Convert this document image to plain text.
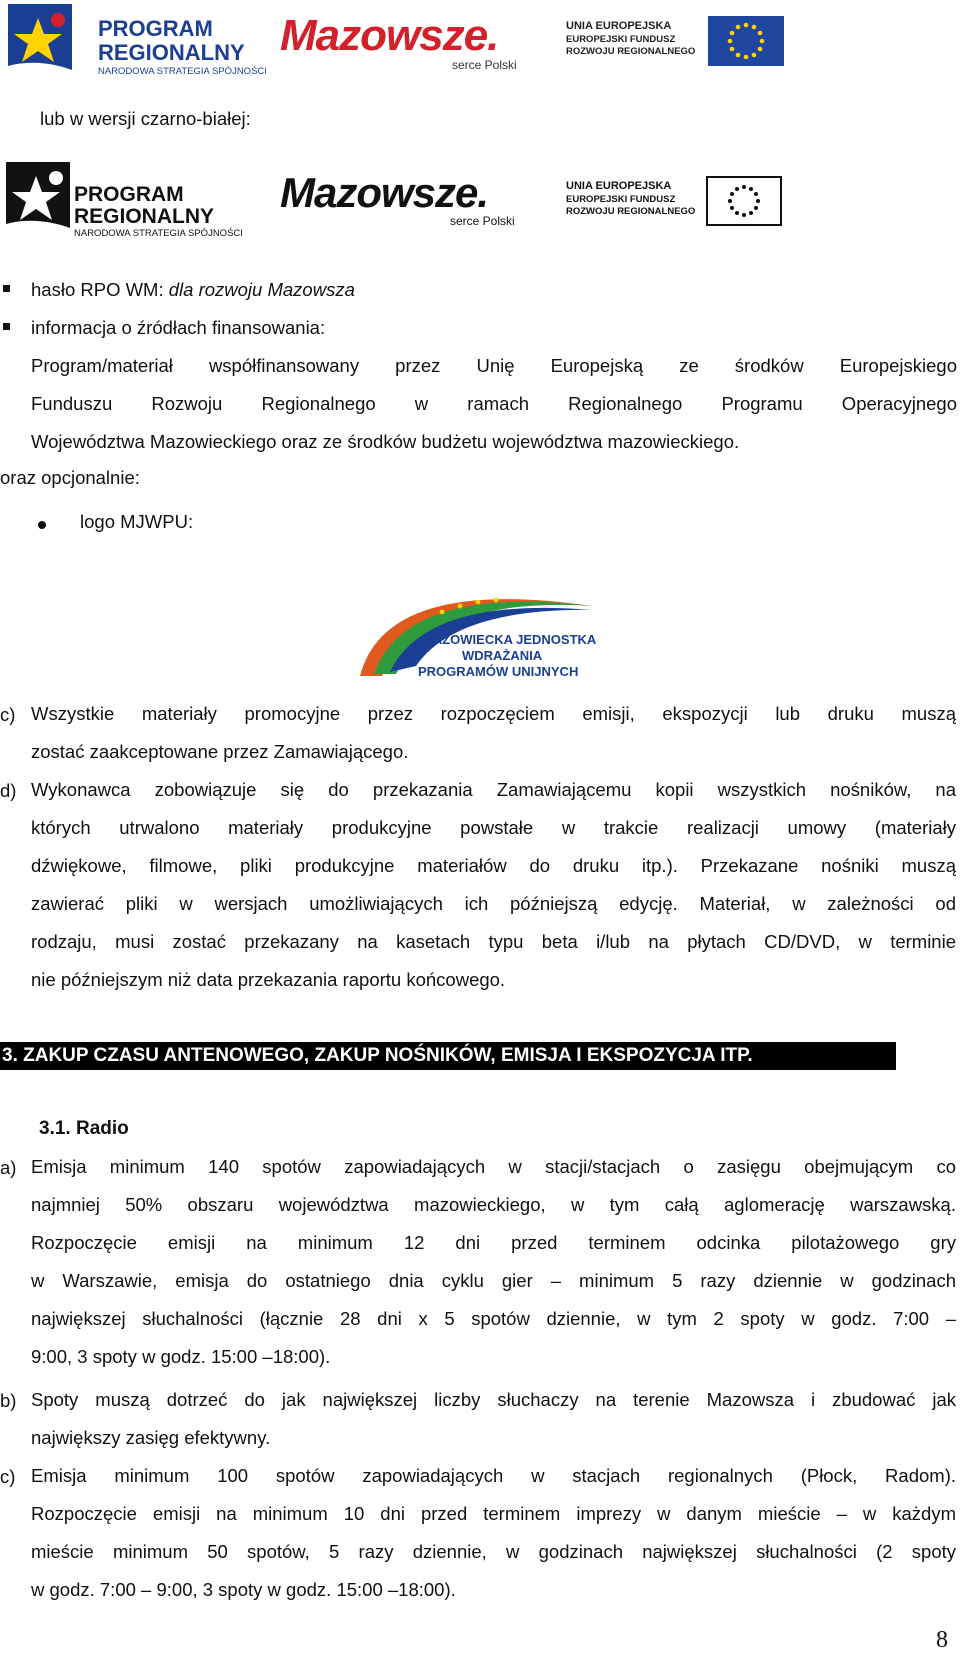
PROGRAM
REGIONALNY
NARODOWA STRATEGIA SPÓJNOŚCI
Mazowsze.
serce Polski
UNIA EUROPEJSKA
EUROPEJSKI FUNDUSZ
ROZWOJU REGIONALNEGO
lub w wersji czarno-białej:
PROGRAM
REGIONALNY
NARODOWA STRATEGIA SPÓJNOŚCI
Mazowsze.
serce Polski
UNIA EUROPEJSKA
EUROPEJSKI FUNDUSZ
ROZWOJU REGIONALNEGO
hasło RPO WM: dla rozwoju Mazowsza
informacja o źródłach finansowania:
Program/materiał współfinansowany przez Unię Europejską ze środków Europejskiego
Funduszu Rozwoju Regionalnego w ramach Regionalnego Programu Operacyjnego
Województwa Mazowieckiego oraz ze środków budżetu województwa mazowieckiego.
oraz opcjonalnie:
logo MJWPU:
MAZOWIECKA JEDNOSTKA
WDRAŻANIA
PROGRAMÓW UNIJNYCH
c) Wszystkie materiały promocyjne przez rozpoczęciem emisji, ekspozycji lub druku muszą
zostać zaakceptowane przez Zamawiającego.
d) Wykonawca zobowiązuje się do przekazania Zamawiającemu kopii wszystkich nośników, na
których utrwalono materiały produkcyjne powstałe w trakcie realizacji umowy (materiały
dźwiękowe, filmowe, pliki produkcyjne materiałów do druku itp.). Przekazane nośniki muszą
zawierać pliki w wersjach umożliwiających ich późniejszą edycję. Materiał, w zależności od
rodzaju, musi zostać przekazany na kasetach typu beta i/lub na płytach CD/DVD, w terminie
nie późniejszym niż data przekazania raportu końcowego.
3. ZAKUP CZASU ANTENOWEGO, ZAKUP NOŚNIKÓW, EMISJA I EKSPOZYCJA ITP.
3.1. Radio
a) Emisja minimum 140 spotów zapowiadających w stacji/stacjach o zasięgu obejmującym co
najmniej 50% obszaru województwa mazowieckiego, w tym całą aglomerację warszawską.
Rozpoczęcie emisji na minimum 12 dni przed terminem odcinka pilotażowego gry
w Warszawie, emisja do ostatniego dnia cyklu gier – minimum 5 razy dziennie w godzinach
największej słuchalności (łącznie 28 dni x 5 spotów dziennie, w tym 2 spoty w godz. 7:00 –
9:00, 3 spoty w godz. 15:00 –18:00).
b) Spoty muszą dotrzeć do jak największej liczby słuchaczy na terenie Mazowsza i zbudować jak
największy zasięg efektywny.
c) Emisja minimum 100 spotów zapowiadających w stacjach regionalnych (Płock, Radom).
Rozpoczęcie emisji na minimum 10 dni przed terminem imprezy w danym mieście – w każdym
mieście minimum 50 spotów, 5 razy dziennie, w godzinach największej słuchalności (2 spoty
w godz. 7:00 – 9:00, 3 spoty w godz. 15:00 –18:00).
8
